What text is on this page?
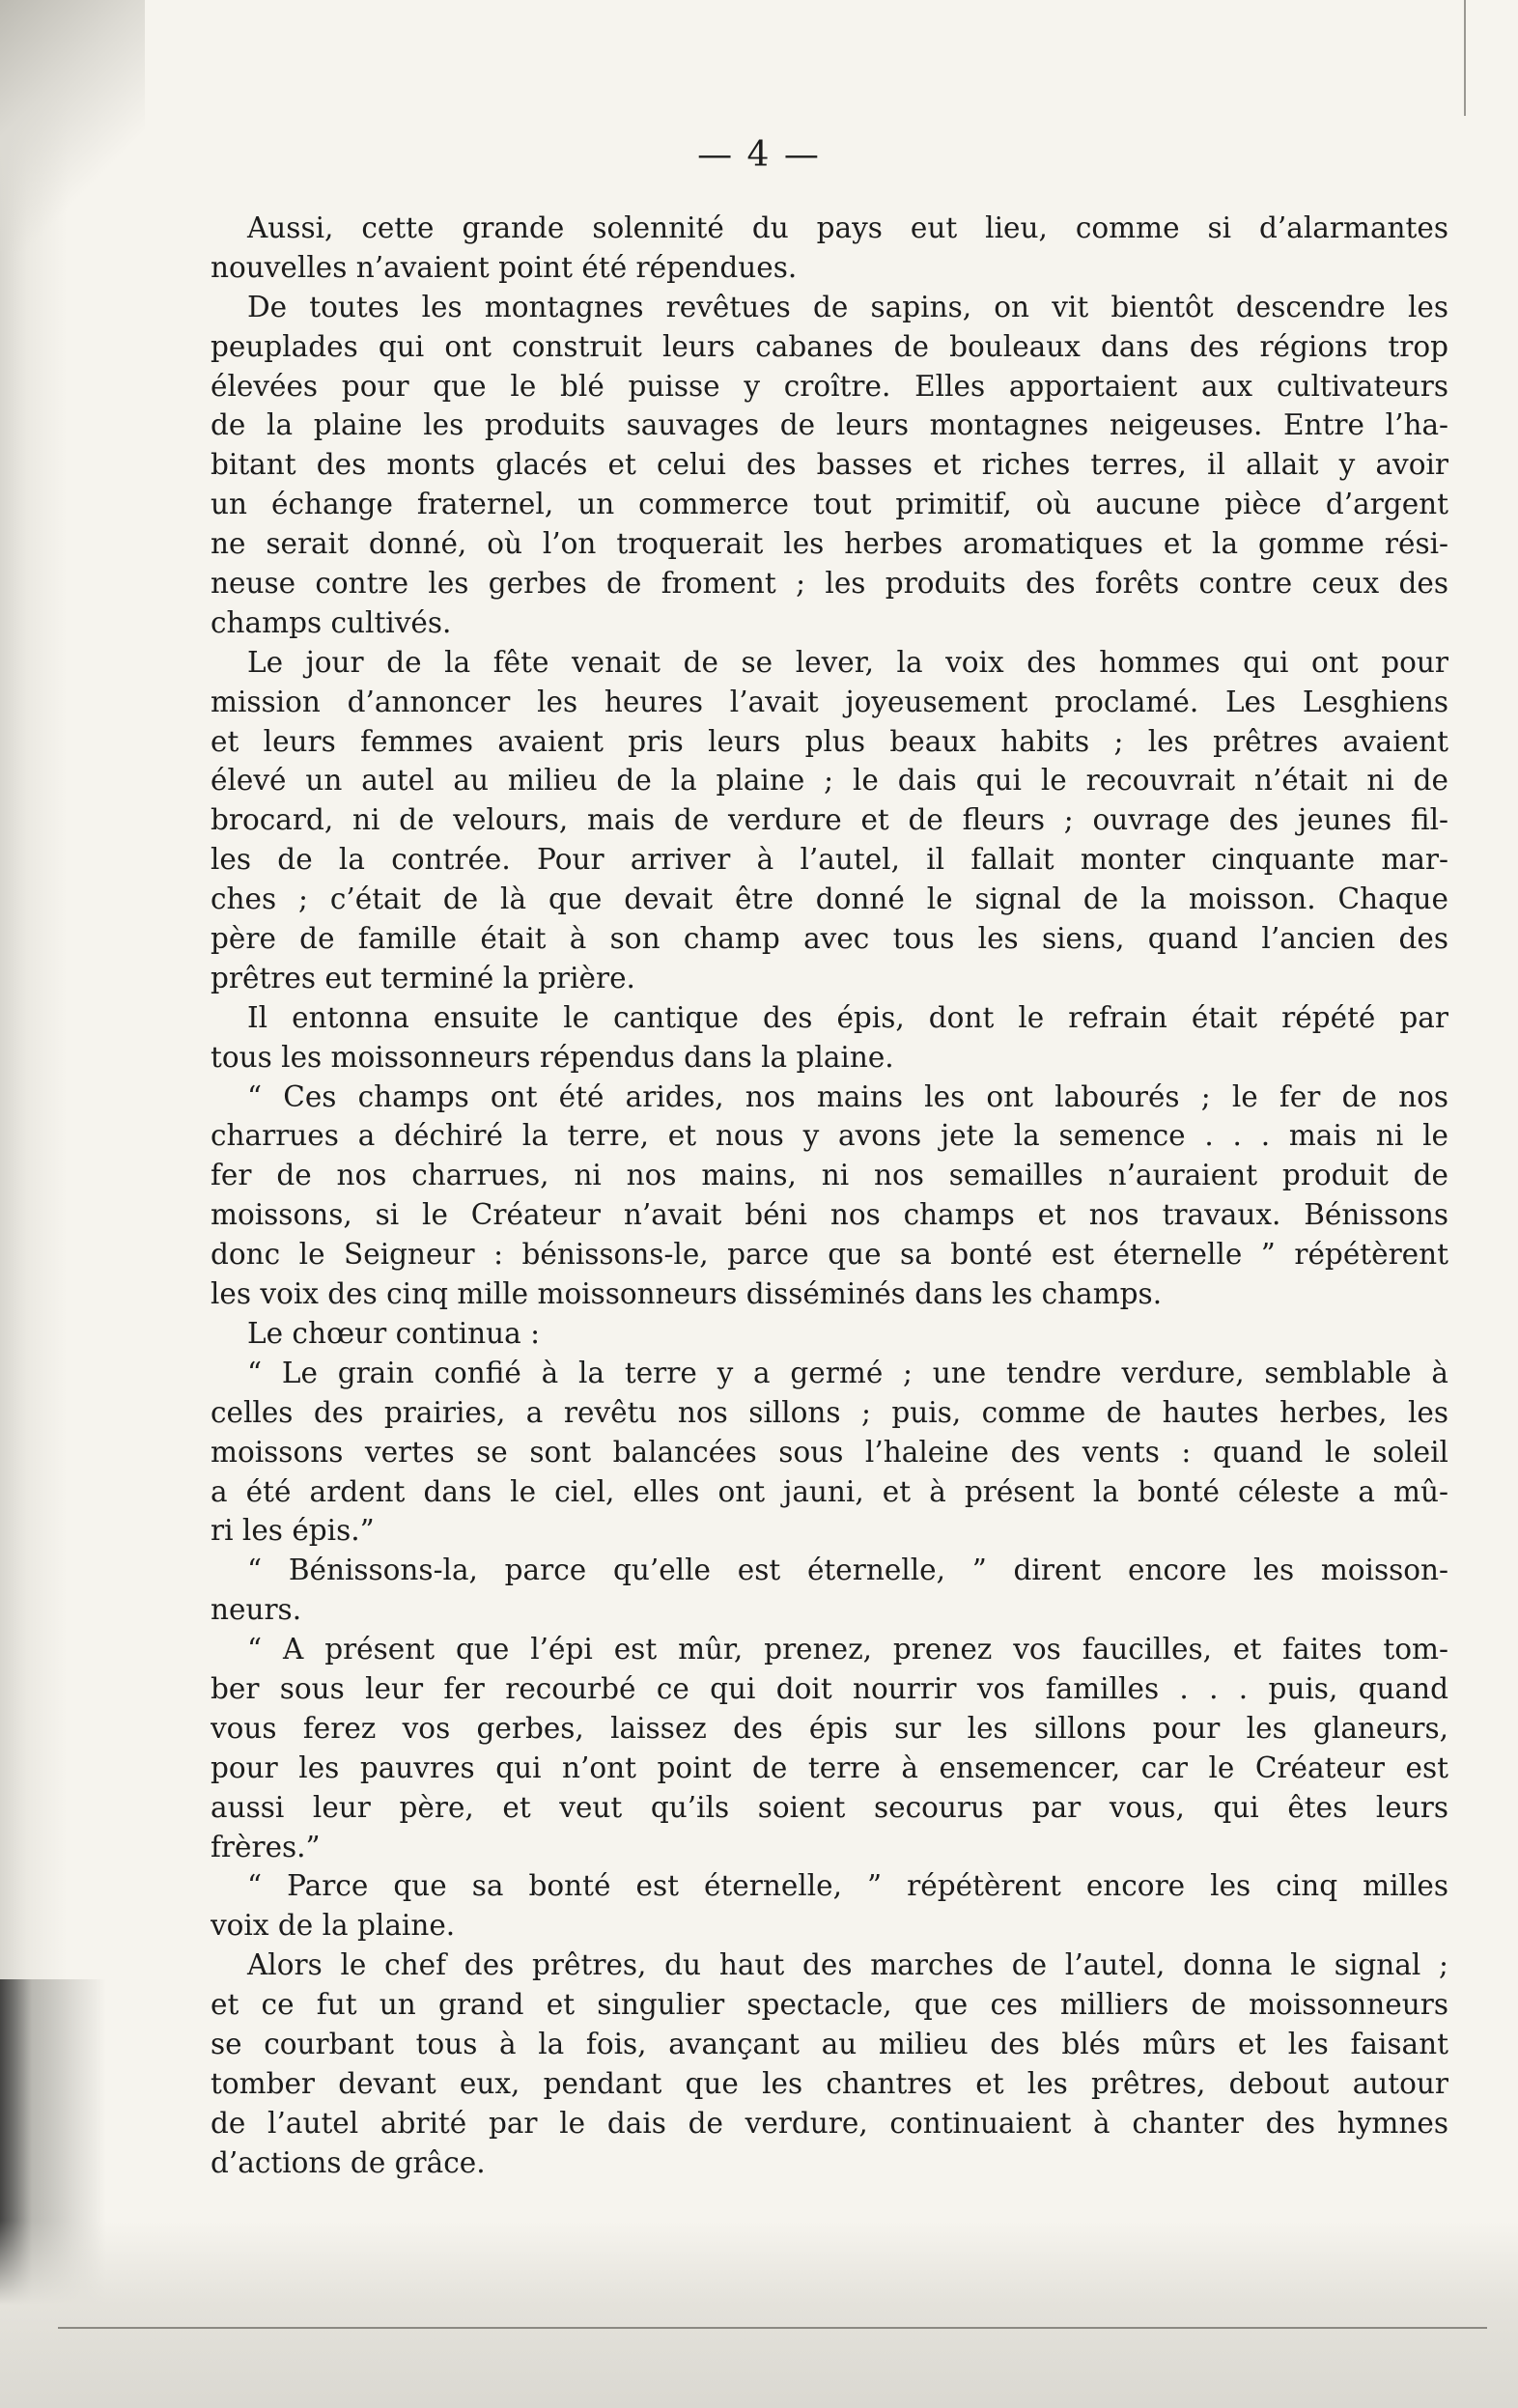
— 4 —
Aussi, cette grande solennité du pays eut lieu, comme si d’alarmantes
nouvelles n’avaient point été répendues.
De toutes les montagnes revêtues de sapins, on vit bientôt descendre les
peuplades qui ont construit leurs cabanes de bouleaux dans des régions trop
élevées pour que le blé puisse y croître. Elles apportaient aux cultivateurs
de la plaine les produits sauvages de leurs montagnes neigeuses. Entre l’ha-
bitant des monts glacés et celui des basses et riches terres, il allait y avoir
un échange fraternel, un commerce tout primitif, où aucune pièce d’argent
ne serait donné, où l’on troquerait les herbes aromatiques et la gomme rési-
neuse contre les gerbes de froment ; les produits des forêts contre ceux des
champs cultivés.
Le jour de la fête venait de se lever, la voix des hommes qui ont pour
mission d’annoncer les heures l’avait joyeusement proclamé. Les Lesghiens
et leurs femmes avaient pris leurs plus beaux habits ; les prêtres avaient
élevé un autel au milieu de la plaine ; le dais qui le recouvrait n’était ni de
brocard, ni de velours, mais de verdure et de fleurs ; ouvrage des jeunes fil-
les de la contrée. Pour arriver à l’autel, il fallait monter cinquante mar-
ches ; c’était de là que devait être donné le signal de la moisson. Chaque
père de famille était à son champ avec tous les siens, quand l’ancien des
prêtres eut terminé la prière.
Il entonna ensuite le cantique des épis, dont le refrain était répété par
tous les moissonneurs répendus dans la plaine.
“ Ces champs ont été arides, nos mains les ont labourés ; le fer de nos
charrues a déchiré la terre, et nous y avons jete la semence . . . mais ni le
fer de nos charrues, ni nos mains, ni nos semailles n’auraient produit de
moissons, si le Créateur n’avait béni nos champs et nos travaux. Bénissons
donc le Seigneur : bénissons-le, parce que sa bonté est éternelle ” répétèrent
les voix des cinq mille moissonneurs disséminés dans les champs.
Le chœur continua :
“ Le grain confié à la terre y a germé ; une tendre verdure, semblable à
celles des prairies, a revêtu nos sillons ; puis, comme de hautes herbes, les
moissons vertes se sont balancées sous l’haleine des vents : quand le soleil
a été ardent dans le ciel, elles ont jauni, et à présent la bonté céleste a mû-
ri les épis.”
“ Bénissons-la, parce qu’elle est éternelle, ” dirent encore les moisson-
neurs.
“ A présent que l’épi est mûr, prenez, prenez vos faucilles, et faites tom-
ber sous leur fer recourbé ce qui doit nourrir vos familles . . . puis, quand
vous ferez vos gerbes, laissez des épis sur les sillons pour les glaneurs,
pour les pauvres qui n’ont point de terre à ensemencer, car le Créateur est
aussi leur père, et veut qu’ils soient secourus par vous, qui êtes leurs
frères.”
“ Parce que sa bonté est éternelle, ” répétèrent encore les cinq milles
voix de la plaine.
Alors le chef des prêtres, du haut des marches de l’autel, donna le signal ;
et ce fut un grand et singulier spectacle, que ces milliers de moissonneurs
se courbant tous à la fois, avançant au milieu des blés mûrs et les faisant
tomber devant eux, pendant que les chantres et les prêtres, debout autour
de l’autel abrité par le dais de verdure, continuaient à chanter des hymnes
d’actions de grâce.
